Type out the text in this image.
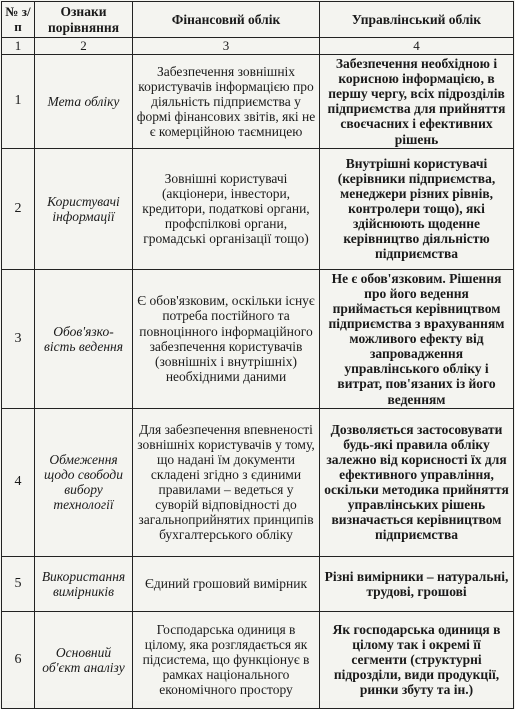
№ з/п	Ознаки порівняння	Фінансовий облік	Управлінський облік
1	2	3	4
1	Мета обліку	Забезпечення зовнішніх користувачів інформацією про діяльність підприємства у формі фінансових звітів, які не є комерційною таємницею	Забезпечення необхідною і корисною інформацією, в першу чергу, всіх підрозділів підприємства для прийняття своєчасних і ефективних рішень
2	Користувачі інформації	Зовнішні користувачі (акціонери, інвестори, кредитори, податкові органи, профспілкові органи, громадські організації тощо)	Внутрішні користувачі (керівники підприємства, менеджери різних рівнів, контролери тощо), які здійснюють щоденне керівництво діяльністю підприємства
3	Обов'язко-вість ведення	Є обов'язковим, оскільки існує потреба постійного та повноцінного інформаційного забезпечення користувачів (зовнішніх і внутрішніх) необхідними даними	Не є обов'язковим. Рішення про його ведення приймається керівництвом підприємства з врахуванням можливого ефекту від запровадження управлінського обліку і витрат, пов'язаних із його веденням
4	Обмеження щодо свободи вибору технології	Для забезпечення впевненості зовнішніх користувачів у тому, що надані їм документи складені згідно з єдиними правилами – ведеться у суворій відповідності до загальноприйнятих принципів бухгалтерського обліку	Дозволяється застосовувати будь-які правила обліку залежно від корисності їх для ефективного управління, оскільки методика прийняття управлінських рішень визначається керівництвом підприємства
5	Використання вимірників	Єдиний грошовий вимірник	Різні вимірники – натуральні, трудові, грошові
6	Основний об'єкт аналізу	Господарська одиниця в цілому, яка розглядається як підсистема, що функціонує в рамках національного економічного простору	Як господарська одиниця в цілому так і окремі її сегменти (структурні підрозділи, види продукції, ринки збуту та ін.)
